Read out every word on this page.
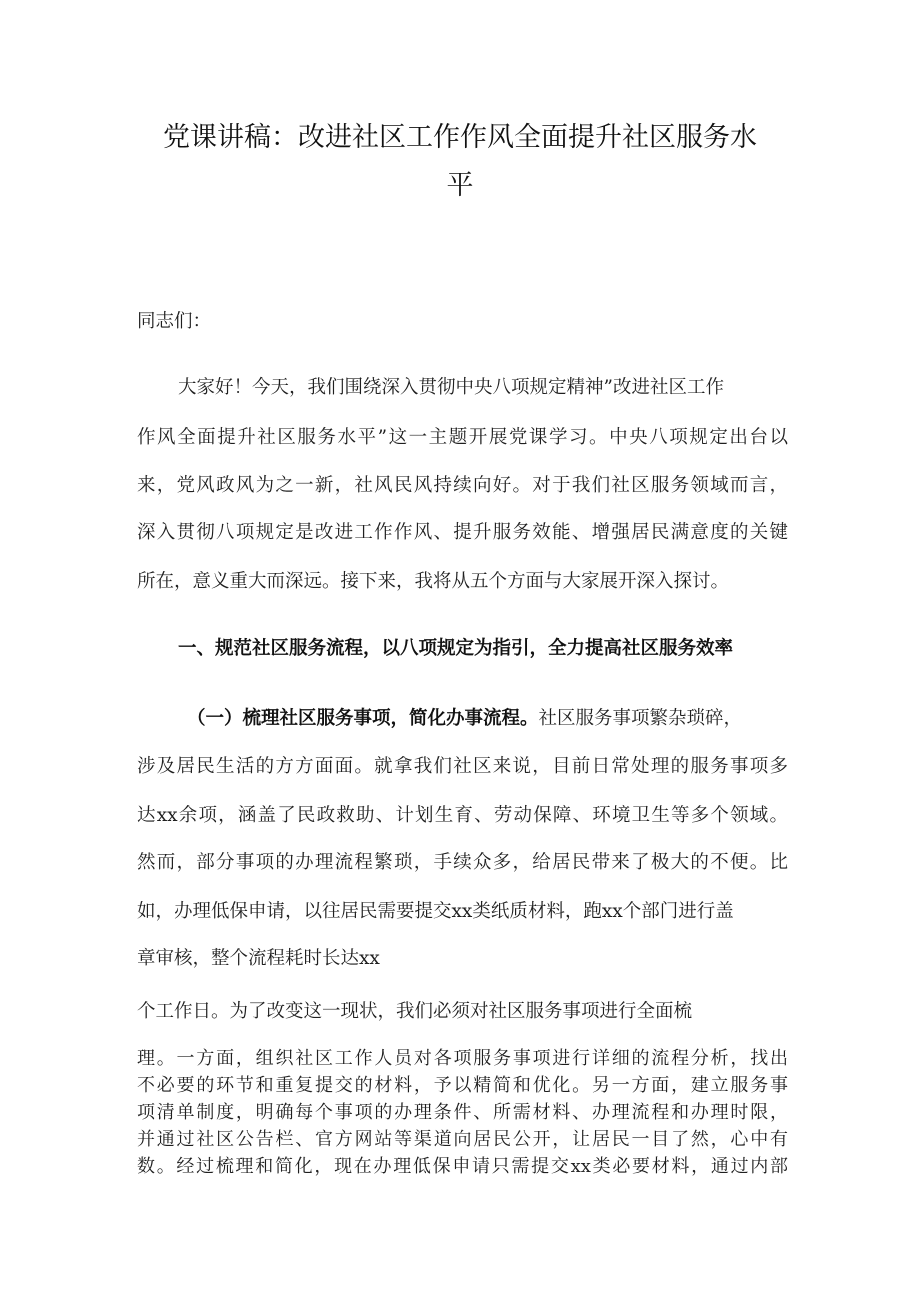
党课讲稿：改进社区工作作风全面提升社区服务水平
同志们：
大家好！今天，我们围绕深入贯彻中央八项规定精神”改进社区工作
作风全面提升社区服务水平”这一主题开展党课学习。中央八项规定出台以
来，党风政风为之一新，社风民风持续向好。对于我们社区服务领域而言，
深入贯彻八项规定是改进工作作风、提升服务效能、增强居民满意度的关键
所在，意义重大而深远。接下来，我将从五个方面与大家展开深入探讨。
一、规范社区服务流程，以八项规定为指引，全力提高社区服务效率
（一）梳理社区服务事项，简化办事流程。社区服务事项繁杂琐碎，
涉及居民生活的方方面面。就拿我们社区来说，目前日常处理的服务事项多
达xx余项，涵盖了民政救助、计划生育、劳动保障、环境卫生等多个领域。
然而，部分事项的办理流程繁琐，手续众多，给居民带来了极大的不便。比
如，办理低保申请，以往居民需要提交xx类纸质材料，跑xx个部门进行盖
章审核，整个流程耗时长达xx
个工作日。为了改变这一现状，我们必须对社区服务事项进行全面梳
理。一方面，组织社区工作人员对各项服务事项进行详细的流程分析，找出
不必要的环节和重复提交的材料，予以精简和优化。另一方面，建立服务事
项清单制度，明确每个事项的办理条件、所需材料、办理流程和办理时限，
并通过社区公告栏、官方网站等渠道向居民公开，让居民一目了然，心中有
数。经过梳理和简化，现在办理低保申请只需提交xx类必要材料，通过内部
